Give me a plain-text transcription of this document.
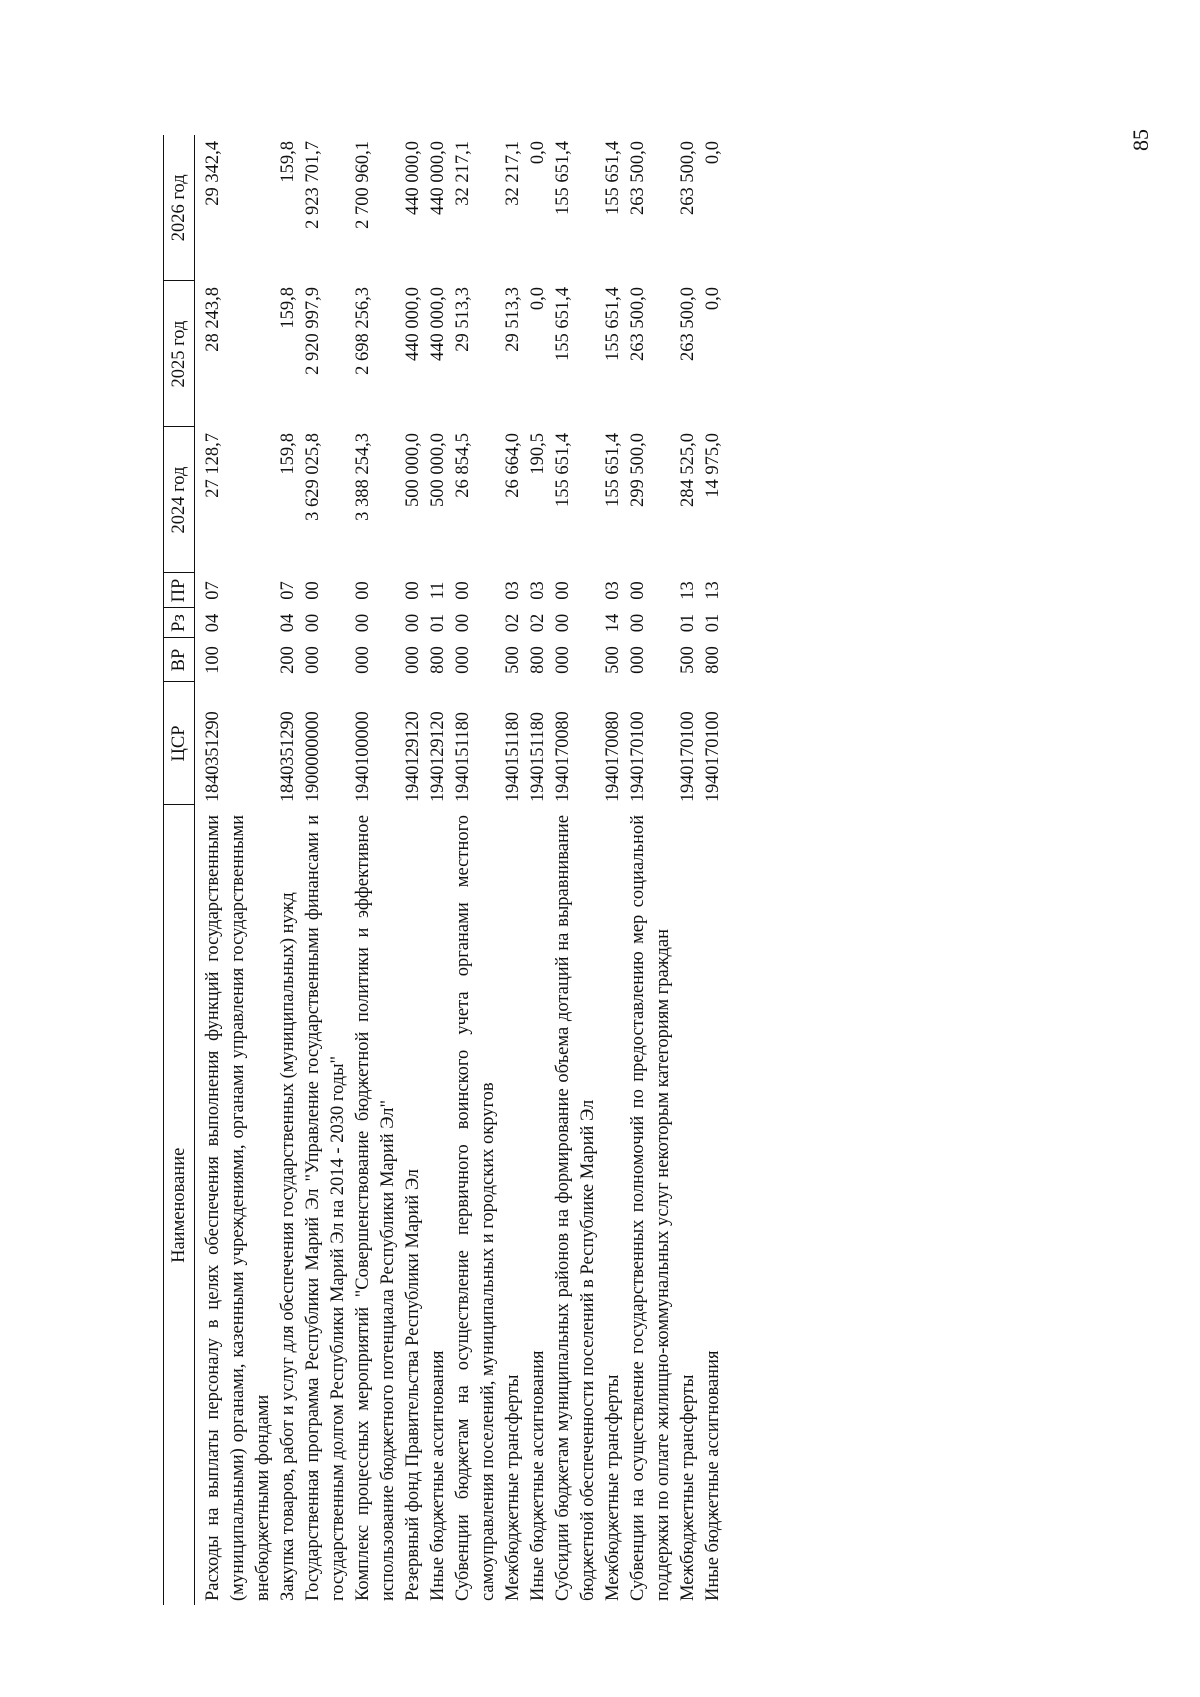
85
Наименование	ЦСР	ВР	Рз	ПР	2024 год	2025 год	2026 год

Расходы на выплаты персоналу в целях обеспечения выполнения функций государственными (муниципальными) органами, казенными учреждениями, органами управления государственными внебюджетными фондами	1840351290	100	04	07	27 128,7	28 243,8	29 342,4
Закупка товаров, работ и услуг для обеспечения государственных (муниципальных) нужд	1840351290	200	04	07	159,8	159,8	159,8
Государственная программа Республики Марий Эл "Управление государственными финансами и государственным долгом Республики Марий Эл на 2014 - 2030 годы"	1900000000	000	00	00	3 629 025,8	2 920 997,9	2 923 701,7
Комплекс процессных мероприятий "Совершенствование бюджетной политики и эффективное использование бюджетного потенциала Республики Марий Эл"	1940100000	000	00	00	3 388 254,3	2 698 256,3	2 700 960,1
Резервный фонд Правительства Республики Марий Эл	1940129120	000	00	00	500 000,0	440 000,0	440 000,0
Иные бюджетные ассигнования	1940129120	800	01	11	500 000,0	440 000,0	440 000,0
Субвенции бюджетам на осуществление первичного воинского учета органами местного самоуправления поселений, муниципальных и городских округов	1940151180	000	00	00	26 854,5	29 513,3	32 217,1
Межбюджетные трансферты	1940151180	500	02	03	26 664,0	29 513,3	32 217,1
Иные бюджетные ассигнования	1940151180	800	02	03	190,5	0,0	0,0
Субсидии бюджетам муниципальных районов на формирование объема дотаций на выравнивание бюджетной обеспеченности поселений в Республике Марий Эл	1940170080	000	00	00	155 651,4	155 651,4	155 651,4
Межбюджетные трансферты	1940170080	500	14	03	155 651,4	155 651,4	155 651,4
Субвенции на осуществление государственных полномочий по предоставлению мер социальной поддержки по оплате жилищно-коммунальных услуг некоторым категориям граждан	1940170100	000	00	00	299 500,0	263 500,0	263 500,0
Межбюджетные трансферты	1940170100	500	01	13	284 525,0	263 500,0	263 500,0
Иные бюджетные ассигнования	1940170100	800	01	13	14 975,0	0,0	0,0
